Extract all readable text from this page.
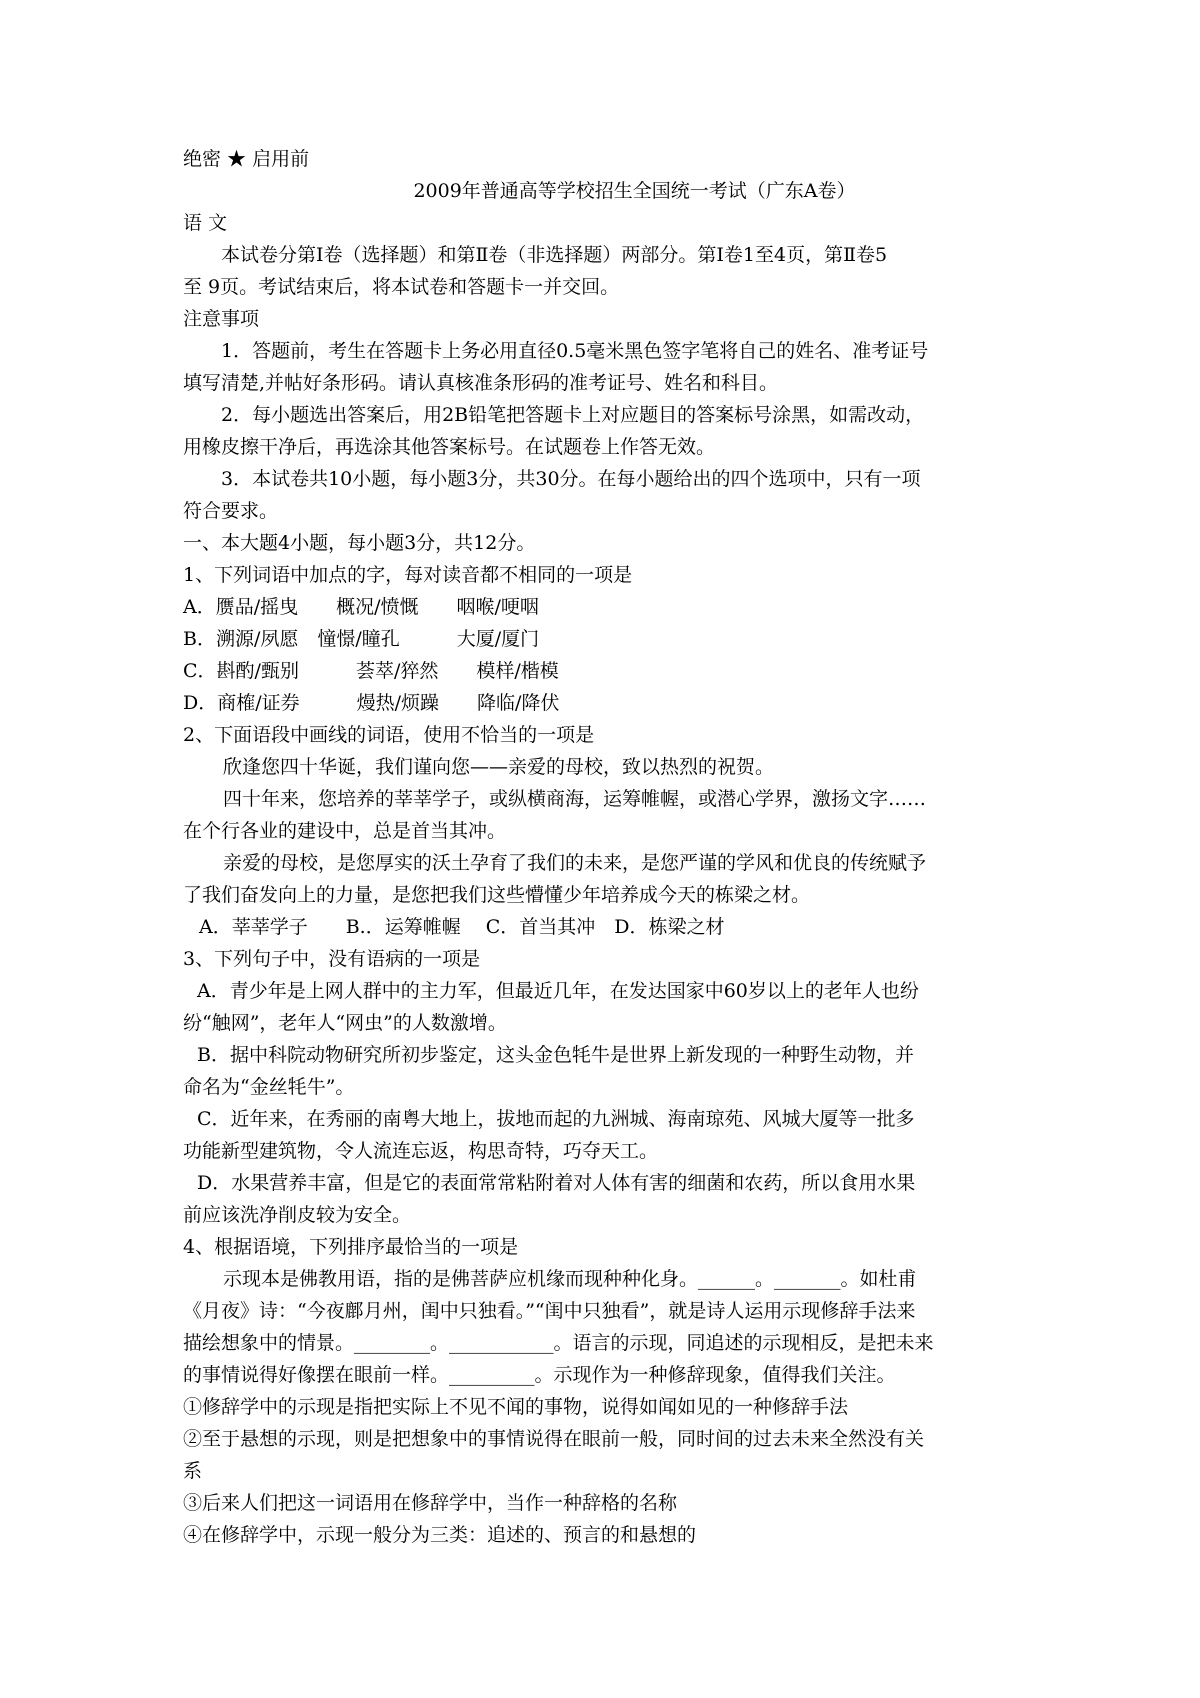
绝密 ★ 启用前
2009年普通高等学校招生全国统一考试（广东A卷）
语 文
本试卷分第Ⅰ卷（选择题）和第Ⅱ卷（非选择题）两部分。第Ⅰ卷1至4页，第Ⅱ卷5
至 9页。考试结束后，将本试卷和答题卡一并交回。
注意事项
1．答题前，考生在答题卡上务必用直径0.5毫米黑色签字笔将自己的姓名、准考证号
填写清楚,并帖好条形码。请认真核准条形码的准考证号、姓名和科目。
2．每小题选出答案后，用2B铅笔把答题卡上对应题目的答案标号涂黑，如需改动，
用橡皮擦干净后，再选涂其他答案标号。在试题卷上作答无效。
3．本试卷共10小题，每小题3分，共30分。在每小题给出的四个选项中，只有一项
符合要求。
一、本大题4小题，每小题3分，共12分。
1、下列词语中加点的字，每对读音都不相同的一项是
A．赝品/摇曳　　概况/愤慨　　咽喉/哽咽
B．溯源/夙愿　憧憬/瞳孔　　　大厦/厦门
C．斟酌/甄别　　　荟萃/猝然　　模样/楷模
D．商榷/证券　　　熳热/烦躁　　降临/降伏
2、下面语段中画线的词语，使用不恰当的一项是
欣逢您四十华诞，我们谨向您——亲爱的母校，致以热烈的祝贺。
四十年来，您培养的莘莘学子，或纵横商海，运筹帷幄，或潜心学界，激扬文字……
在个行各业的建设中，总是首当其冲。
亲爱的母校，是您厚实的沃土孕育了我们的未来，是您严谨的学风和优良的传统赋予
了我们奋发向上的力量，是您把我们这些懵懂少年培养成今天的栋梁之材。
A．莘莘学子　　B.．运筹帷幄　 C．首当其冲　D．栋梁之材
3、下列句子中，没有语病的一项是
A．青少年是上网人群中的主力军，但最近几年，在发达国家中60岁以上的老年人也纷
纷“触网”，老年人“网虫”的人数激增。
B．据中科院动物研究所初步鉴定，这头金色牦牛是世界上新发现的一种野生动物，并
命名为“金丝牦牛”。
C．近年来，在秀丽的南粤大地上，拔地而起的九洲城、海南琼苑、风城大厦等一批多
功能新型建筑物，令人流连忘返，构思奇特，巧夺天工。
D．水果营养丰富，但是它的表面常常粘附着对人体有害的细菌和农药，所以食用水果
前应该洗净削皮较为安全。
4、根据语境，下列排序最恰当的一项是
示现本是佛教用语，指的是佛菩萨应机缘而现种种化身。______。_______。如杜甫
《月夜》诗：“今夜鄜月州，闺中只独看。”“闺中只独看”，就是诗人运用示现修辞手法来
描绘想象中的情景。________。___________。语言的示现，同追述的示现相反，是把未来
的事情说得好像摆在眼前一样。_________。示现作为一种修辞现象，值得我们关注。
①修辞学中的示现是指把实际上不见不闻的事物，说得如闻如见的一种修辞手法
②至于悬想的示现，则是把想象中的事情说得在眼前一般，同时间的过去未来全然没有关
系
③后来人们把这一词语用在修辞学中，当作一种辞格的名称
④在修辞学中，示现一般分为三类：追述的、预言的和悬想的
